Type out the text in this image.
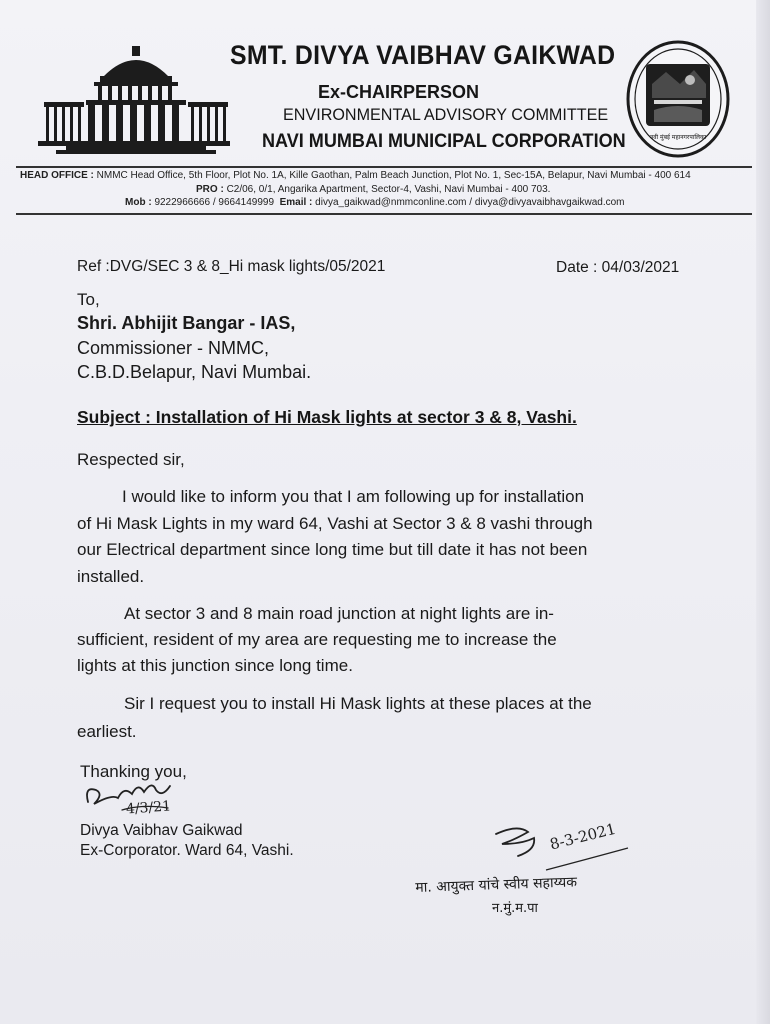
SMT. DIVYA VAIBHAV GAIKWAD
Ex-CHAIRPERSON
ENVIRONMENTAL ADVISORY COMMITTEE
NAVI MUMBAI MUNICIPAL CORPORATION	नवी मुंबई महानगरपालिका
HEAD OFFICE : NMMC Head Office, 5th Floor, Plot No. 1A, Kille Gaothan, Palm Beach Junction, Plot No. 1, Sec-15A, Belapur, Navi Mumbai - 400 614
PRO : C2/06, 0/1, Angarika Apartment, Sector-4, Vashi, Navi Mumbai - 400 703.
Mob : 9222966666 / 9664149999 Email : divya_gaikwad@nmmconline.com / divya@divyavaibhavgaikwad.com
Ref :DVG/SEC 3 & 8_Hi mask lights/05/2021	Date : 04/03/2021
To,
Shri. Abhijit Bangar - IAS,
Commissioner - NMMC,
C.B.D.Belapur, Navi Mumbai.
Subject : Installation of Hi Mask lights at sector 3 & 8, Vashi.
Respected sir,
I would like to inform you that I am following up for installation
of Hi Mask Lights in my ward 64, Vashi at Sector 3 & 8 vashi through
our Electrical department since long time but till date it has not been
installed.
At sector 3 and 8 main road junction at night lights are in-
sufficient, resident of my area are requesting me to increase the
lights at this junction since long time.
Sir I request you to install Hi Mask lights at these places at the
earliest.
Thanking you,
4/3/21
Divya Vaibhav Gaikwad
Ex-Corporator. Ward 64, Vashi.	8-3-2021
मा. आयुक्त यांचे स्वीय सहाय्यक
न.मुं.म.पा
